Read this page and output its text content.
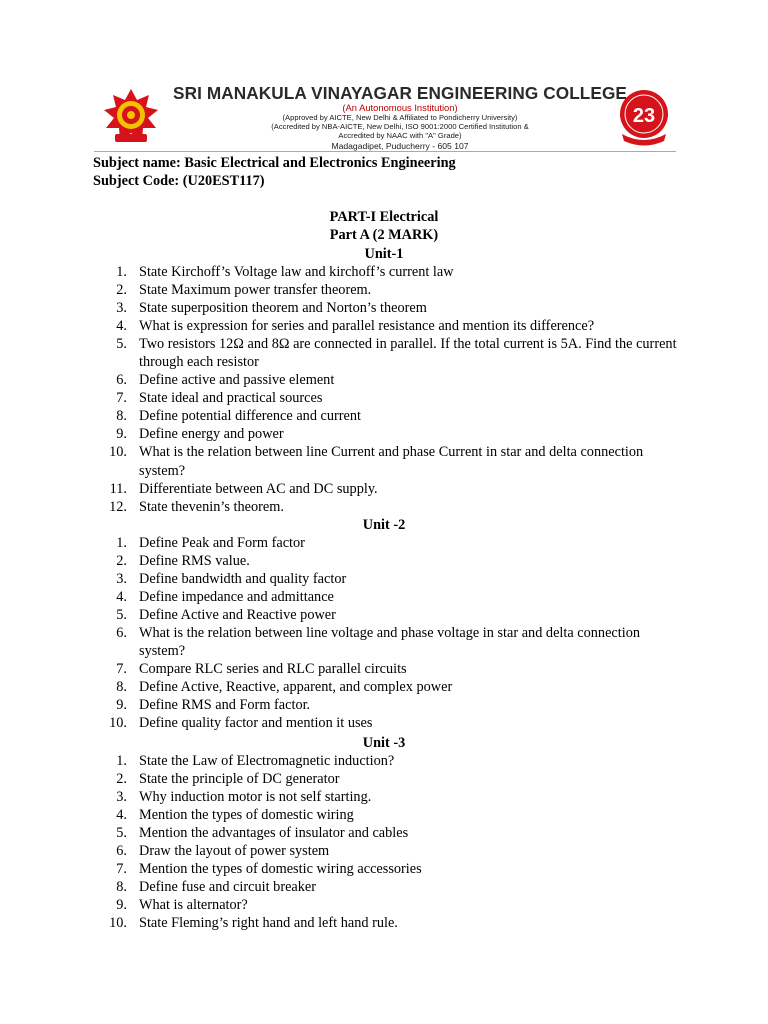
SRI MANAKULA VINAYAGAR ENGINEERING COLLEGE
(An Autonomous Institution)
(Approved by AICTE, New Delhi & Affiliated to Pondicherry University)
(Accredited by NBA-AICTE, New Delhi, ISO 9001:2000 Certified Institution &
Accredited by NAAC with "A" Grade)
Madagadipet, Puducherry - 605 107
23
Subject name: Basic Electrical and Electronics Engineering
Subject Code: (U20EST117)
PART-I Electrical
Part A (2 MARK)
Unit-1
1. State Kirchoff’s Voltage law and kirchoff’s current law
2. State Maximum power transfer theorem.
3. State superposition theorem and Norton’s theorem
4. What is expression for series and parallel resistance and mention its difference?
5. Two resistors 12Ω and 8Ω are connected in parallel. If the total current is 5A. Find the current through each resistor
6. Define active and passive element
7. State ideal and practical sources
8. Define potential difference and current
9. Define energy and power
10. What is the relation between line Current and phase Current in star and delta connection system?
11. Differentiate between AC and DC supply.
12. State thevenin’s theorem.
Unit -2
1. Define Peak and Form factor
2. Define RMS value.
3. Define bandwidth and quality factor
4. Define impedance and admittance
5. Define Active and Reactive power
6. What is the relation between line voltage and phase voltage in star and delta connection system?
7. Compare RLC series and RLC parallel circuits
8. Define Active, Reactive, apparent, and complex power
9. Define RMS and Form factor.
10. Define quality factor and mention it uses
Unit -3
1. State the Law of Electromagnetic induction?
2. State the principle of DC generator
3. Why induction motor is not self starting.
4. Mention the types of domestic wiring
5. Mention the advantages of insulator and cables
6. Draw the layout of power system
7. Mention the types of domestic wiring accessories
8. Define fuse and circuit breaker
9. What is alternator?
10. State Fleming’s right hand and left hand rule.
